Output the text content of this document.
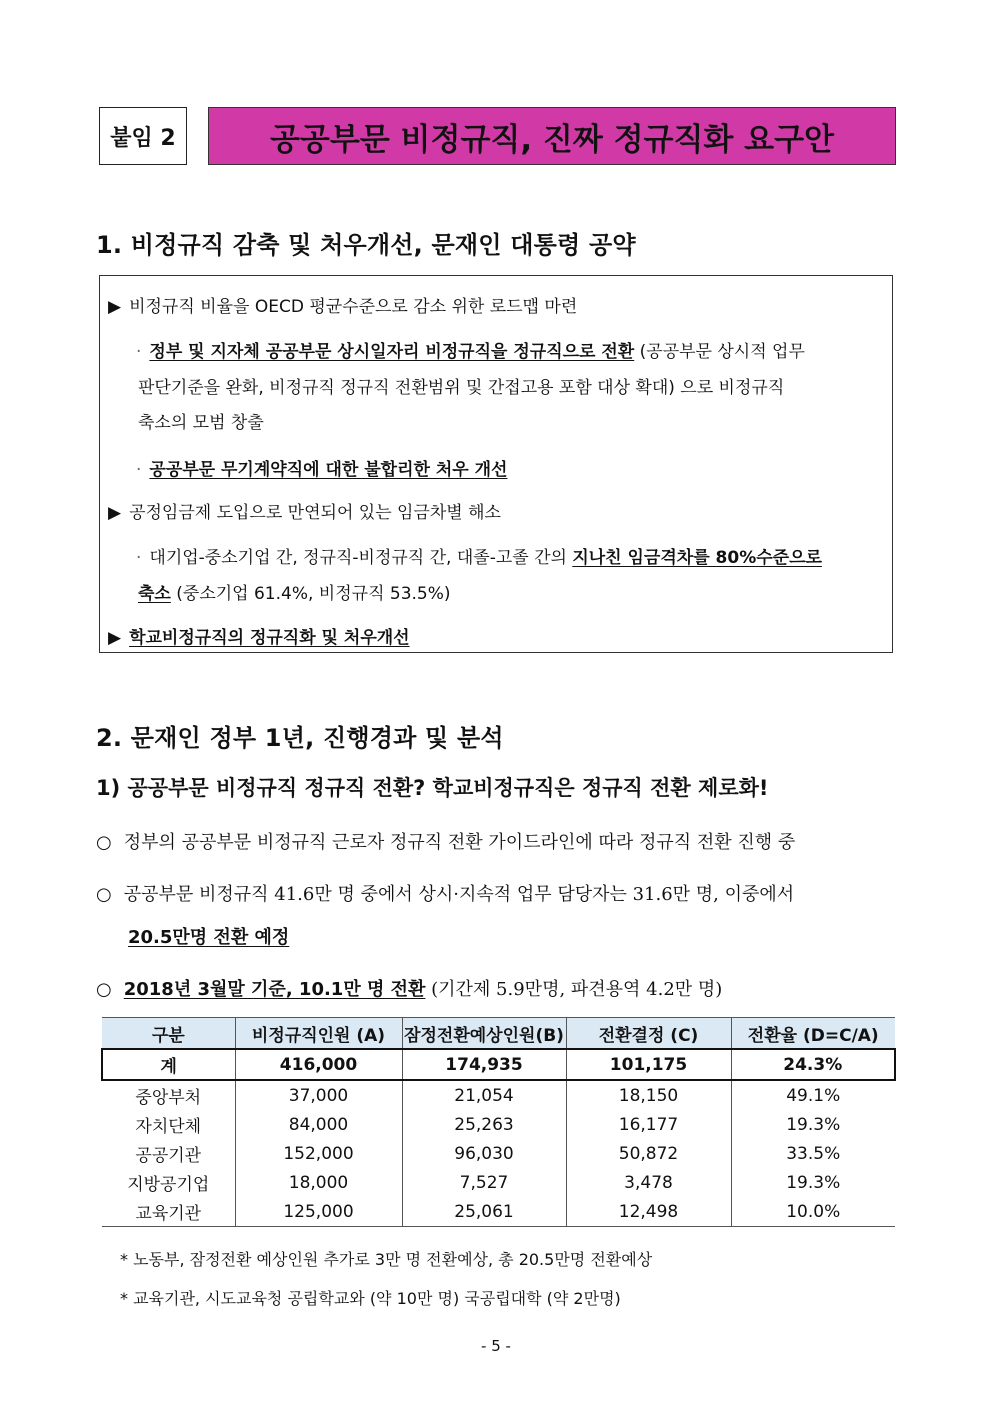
붙임 2	공공부문 비정규직, 진짜 정규직화 요구안
1. 비정규직 감축 및 처우개선, 문재인 대통령 공약
▶ 비정규직 비율을 OECD 평균수준으로 감소 위한 로드맵 마련
· 정부 및 지자체 공공부문 상시일자리 비정규직을 정규직으로 전환 (공공부문 상시적 업무
판단기준을 완화, 비정규직 정규직 전환범위 및 간접고용 포함 대상 확대) 으로 비정규직
축소의 모범 창출
· 공공부문 무기계약직에 대한 불합리한 처우 개선
▶ 공정임금제 도입으로 만연되어 있는 임금차별 해소
· 대기업-중소기업 간, 정규직-비정규직 간, 대졸-고졸 간의 지나친 임금격차를 80%수준으로
축소 (중소기업 61.4%, 비정규직 53.5%)
▶ 학교비정규직의 정규직화 및 처우개선
2. 문재인 정부 1년, 진행경과 및 분석
1) 공공부문 비정규직 정규직 전환? 학교비정규직은 정규직 전환 제로화!
○ 정부의 공공부문 비정규직 근로자 정규직 전환 가이드라인에 따라 정규직 전환 진행 중
○ 공공부문 비정규직 41.6만 명 중에서 상시·지속적 업무 담당자는 31.6만 명, 이중에서
20.5만명 전환 예정
○ 2018년 3월말 기준, 10.1만 명 전환 (기간제 5.9만명, 파견용역 4.2만 명)
구분	비정규직인원 (A)	잠정전환예상인원(B)	전환결정 (C)	전환율 (D=C/A)
계	416,000	174,935	101,175	24.3%
중앙부처	37,000	21,054	18,150	49.1%
자치단체	84,000	25,263	16,177	19.3%
공공기관	152,000	96,030	50,872	33.5%
지방공기업	18,000	7,527	3,478	19.3%
교육기관	125,000	25,061	12,498	10.0%
* 노동부, 잠정전환 예상인원 추가로 3만 명 전환예상, 총 20.5만명 전환예상
* 교육기관, 시도교육청 공립학교와 (약 10만 명) 국공립대학 (약 2만명)
- 5 -
